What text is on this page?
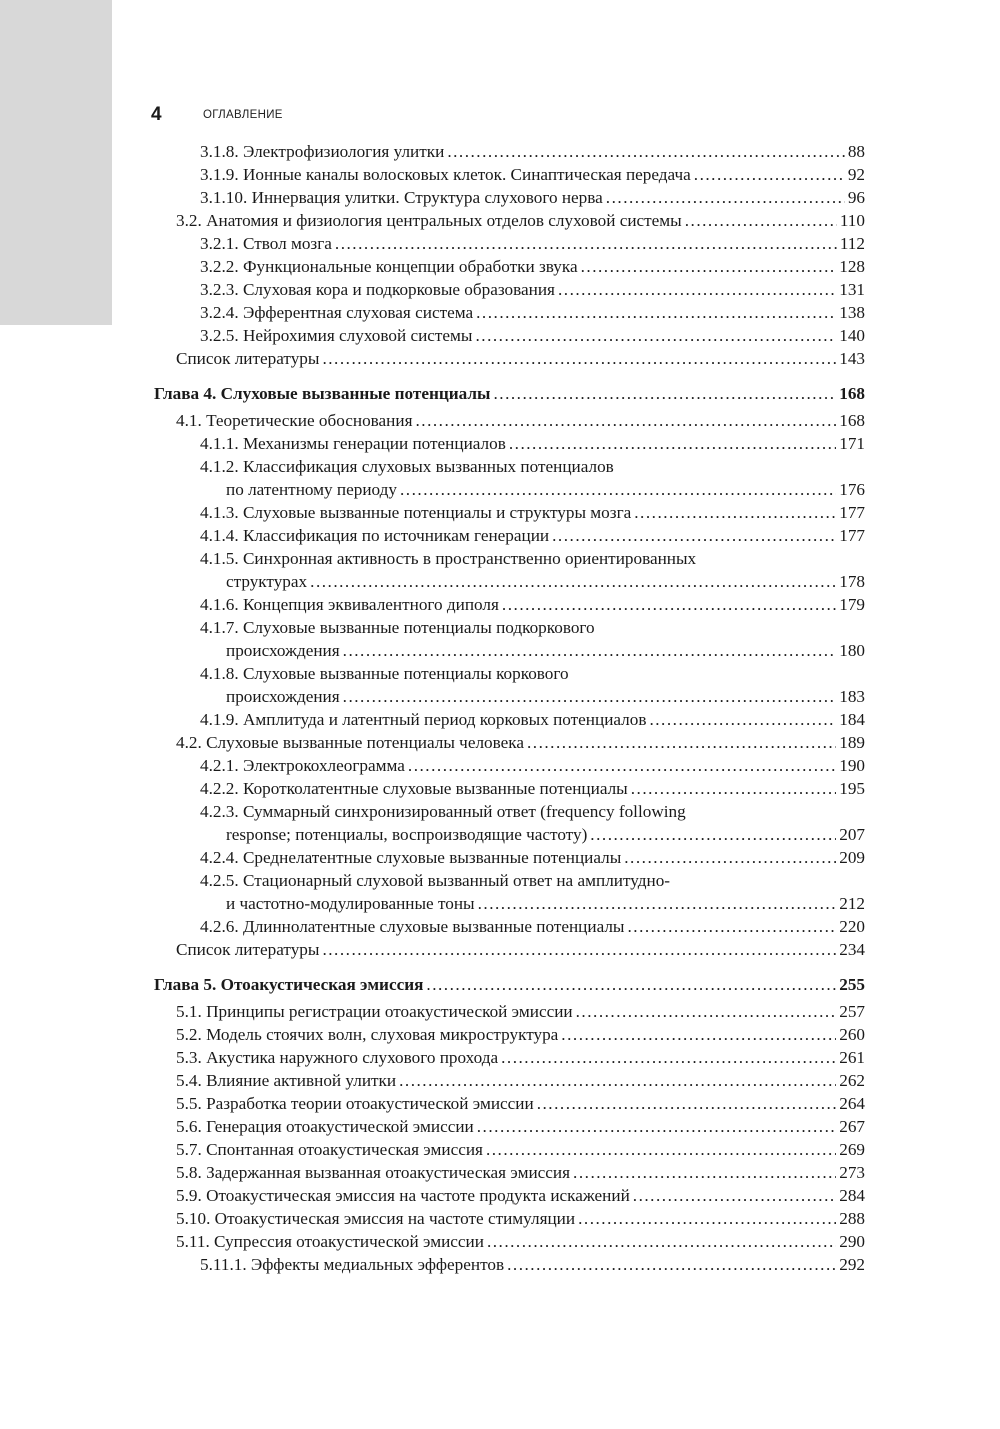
4	ОГЛАВЛЕНИЕ
3.1.8. Электрофизиология улитки .....	88
3.1.9. Ионные каналы волосковых клеток. Синаптическая передача .....	92
3.1.10. Иннервация улитки. Структура слухового нерва .....	96
3.2. Анатомия и физиология центральных отделов слуховой системы .....	110
3.2.1. Ствол мозга .....	112
3.2.2. Функциональные концепции обработки звука .....	128
3.2.3. Слуховая кора и подкорковые образования .....	131
3.2.4. Эфферентная слуховая система .....	138
3.2.5. Нейрохимия слуховой системы .....	140
Список литературы .....	143
Глава 4. Слуховые вызванные потенциалы .....	168
4.1. Теоретические обоснования .....	168
4.1.1. Механизмы генерации потенциалов .....	171
4.1.2. Классификация слуховых вызванных потенциалов
по латентному периоду .....	176
4.1.3. Слуховые вызванные потенциалы и структуры мозга .....	177
4.1.4. Классификация по источникам генерации .....	177
4.1.5. Синхронная активность в пространственно ориентированных
структурах .....	178
4.1.6. Концепция эквивалентного диполя .....	179
4.1.7. Слуховые вызванные потенциалы подкоркового
происхождения .....	180
4.1.8. Слуховые вызванные потенциалы коркового
происхождения .....	183
4.1.9. Амплитуда и латентный период корковых потенциалов .....	184
4.2. Слуховые вызванные потенциалы человека .....	189
4.2.1. Электрокохлеограмма .....	190
4.2.2. Коротколатентные слуховые вызванные потенциалы .....	195
4.2.3. Суммарный синхронизированный ответ (frequency following
response; потенциалы, воспроизводящие частоту) .....	207
4.2.4. Среднелатентные слуховые вызванные потенциалы .....	209
4.2.5. Стационарный слуховой вызванный ответ на амплитудно-
и частотно-модулированные тоны .....	212
4.2.6. Длиннолатентные слуховые вызванные потенциалы .....	220
Список литературы .....	234
Глава 5. Отоакустическая эмиссия .....	255
5.1. Принципы регистрации отоакустической эмиссии .....	257
5.2. Модель стоячих волн, слуховая микроструктура .....	260
5.3. Акустика наружного слухового прохода .....	261
5.4. Влияние активной улитки .....	262
5.5. Разработка теории отоакустической эмиссии .....	264
5.6. Генерация отоакустической эмиссии .....	267
5.7. Спонтанная отоакустическая эмиссия .....	269
5.8. Задержанная вызванная отоакустическая эмиссия .....	273
5.9. Отоакустическая эмиссия на частоте продукта искажений .....	284
5.10. Отоакустическая эмиссия на частоте стимуляции .....	288
5.11. Супрессия отоакустической эмиссии .....	290
5.11.1. Эффекты медиальных эфферентов .....	292
